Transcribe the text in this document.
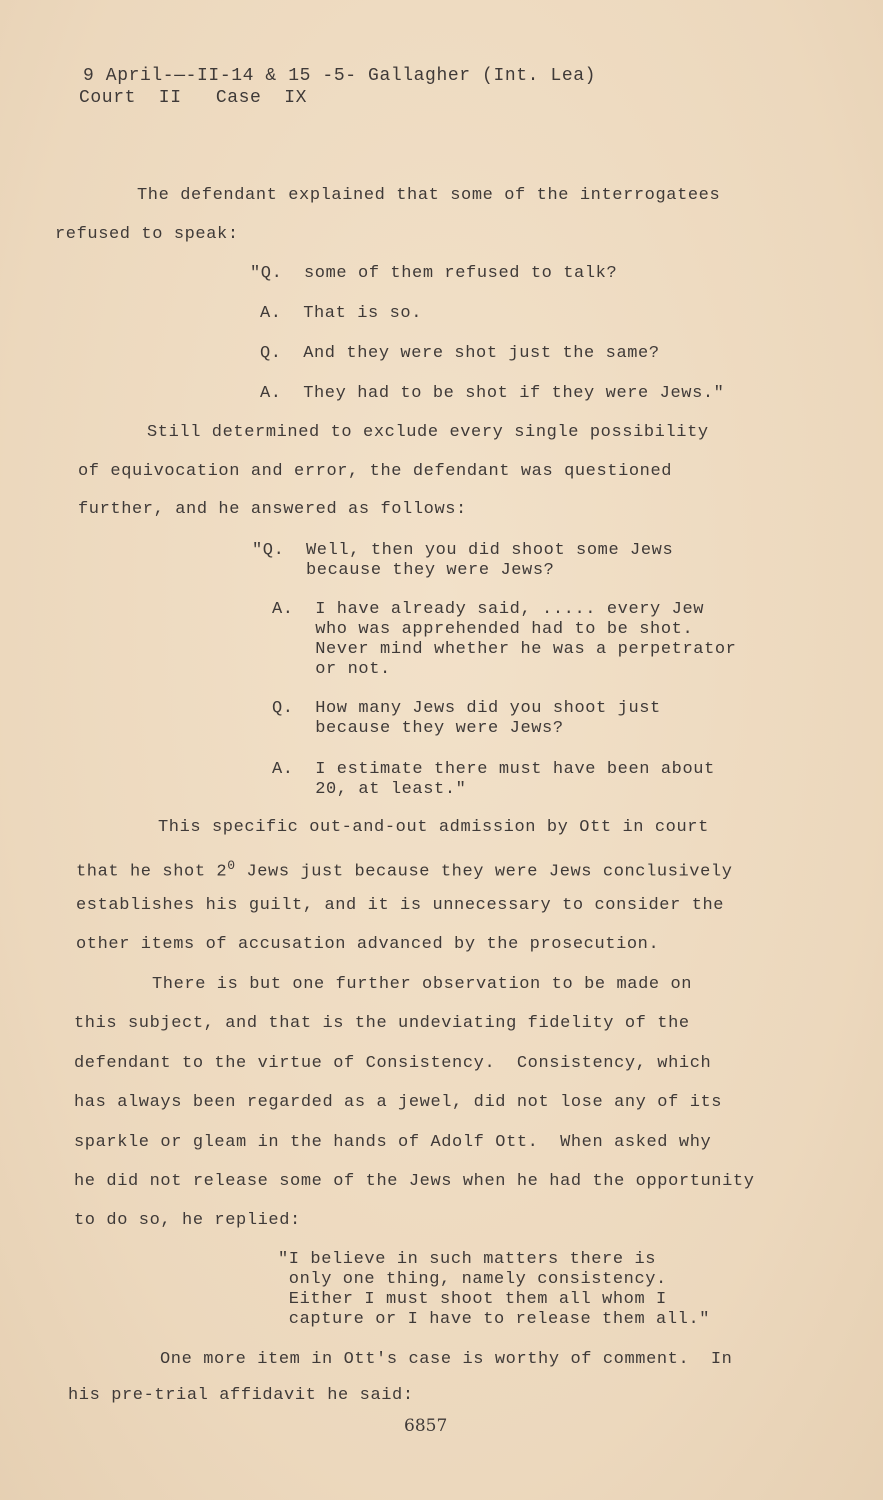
9 April-—-II-14 & 15 -5- Gallagher (Int. Lea)

Court  II   Case  IX

The defendant explained that some of the interrogatees

refused to speak:

"Q.  some of them refused to talk?

A.  That is so.

Q.  And they were shot just the same?

A.  They had to be shot if they were Jews."

Still determined to exclude every single possibility

of equivocation and error, the defendant was questioned

further, and he answered as follows:

"Q.  Well, then you did shoot some Jews
because they were Jews?

A.  I have already said, ..... every Jew
who was apprehended had to be shot.
Never mind whether he was a perpetrator
or not.

Q.  How many Jews did you shoot just
because they were Jews?

A.  I estimate there must have been about
20, at least."

This specific out-and-out admission by Ott in court

that he shot $2^0$ Jews just because they were Jews conclusively

establishes his guilt, and it is unnecessary to consider the

other items of accusation advanced by the prosecution.

There is but one further observation to be made on

this subject, and that is the undeviating fidelity of the

defendant to the virtue of Consistency.  Consistency, which

has always been regarded as a jewel, did not lose any of its

sparkle or gleam in the hands of Adolf Ott.  When asked why

he did not release some of the Jews when he had the opportunity

to do so, he replied:

"I believe in such matters there is
only one thing, namely consistency.
Either I must shoot them all whom I
capture or I have to release them all."

One more item in Ott's case is worthy of comment.  In

his pre-trial affidavit he said:

6857
